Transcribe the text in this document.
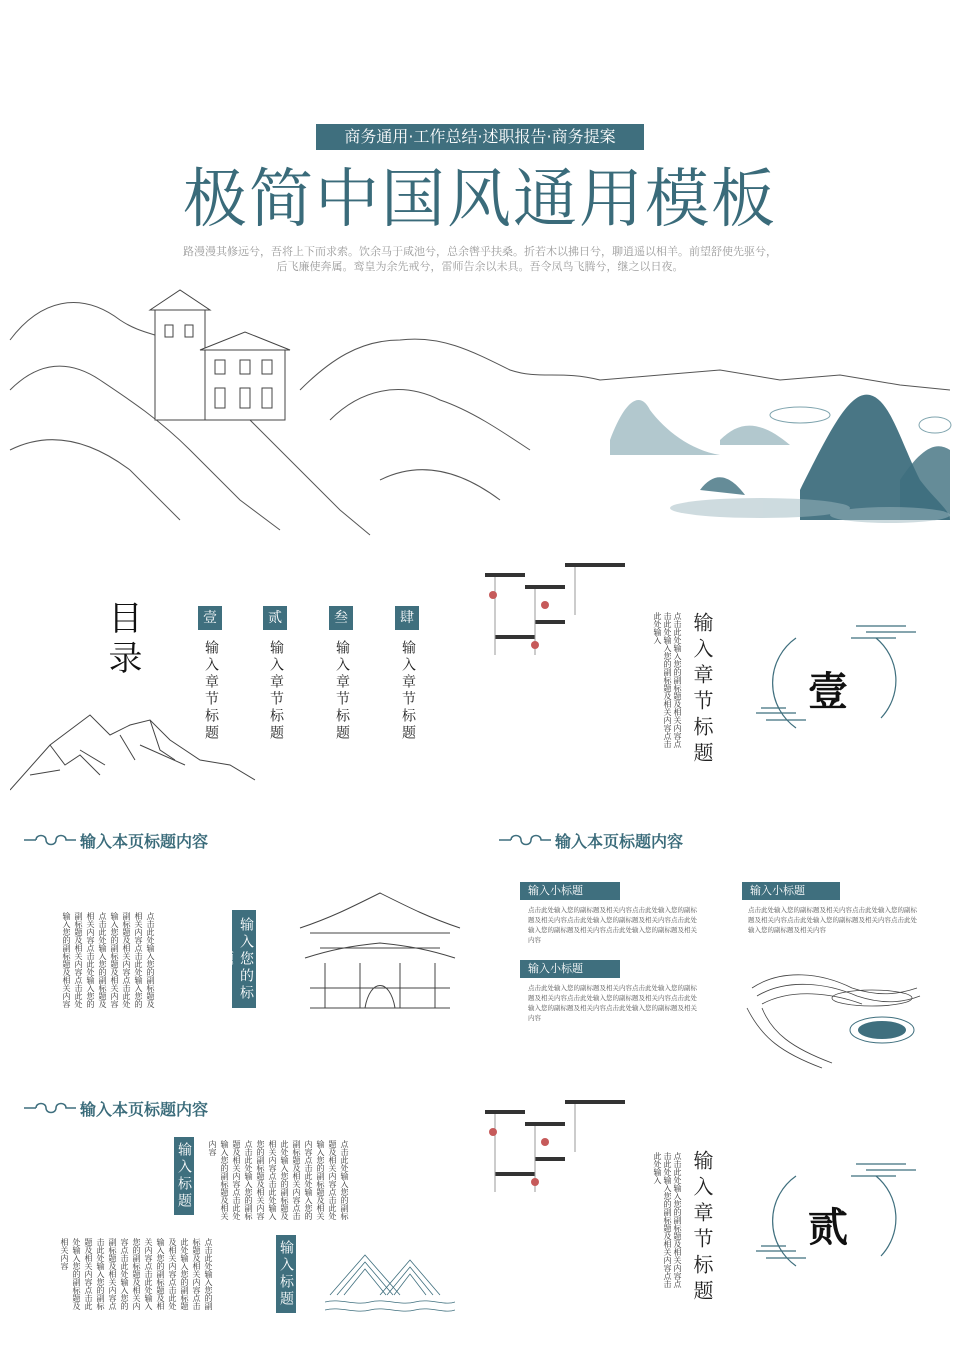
商务通用·工作总结·述职报告·商务提案
极简中国风通用模板
路漫漫其修远兮，吾将上下而求索。饮余马于咸池兮，总余辔乎扶桑。折若木以拂日兮，聊逍遥以相羊。前望舒使先驱兮，
后飞廉使奔属。鸾皇为余先戒兮，雷师告余以未具。吾令凤鸟飞腾兮，继之以日夜。
目录	壹
输入章节标题
贰
输入章节标题
叁
输入章节标题
肆
输入章节标题	点击此处输入您的副标题及相关内容点击此处输入您的副标题及相关内容点击此处输入	输入章节标题 壹
输入本页标题内容
点击此处输入您的副标题及相关内容点击此处输入您的副标题及相关内容点击此处输入您的副标题及相关内容点击此处输入您的副标题及相关内容点击此处输入您的副标题及相关内容点击此处输入您的副标题及相关内容	输入您的标题
输入本页标题内容
输入小标题
点击此处输入您的副标题及相关内容点击此处输入您的副标题及相关内容点击此处输入您的副标题及相关内容点击此处输入您的副标题及相关内容点击此处输入您的副标题及相关内容
输入小标题
点击此处输入您的副标题及相关内容点击此处输入您的副标题及相关内容点击此处输入您的副标题及相关内容点击此处输入您的副标题及相关内容点击此处输入您的副标题及相关内容
输入小标题
点击此处输入您的副标题及相关内容点击此处输入您的副标题及相关内容点击此处输入您的副标题及相关内容点击此处输入您的副标题及相关内容
输入本页标题内容
输入标题	点击此处输入您的副标题及相关内容点击此处输入您的副标题及相关内容点击此处输入您的副标题及相关内容点击此处输入您的副标题及相关内容点击此处输入您的副标题及相关内容点击此处输入您的副标题及相关内容点击此处输入您的副标题及相关内容
输入标题
点击此处输入您的副标题及相关内容点击此处输入您的副标题及相关内容点击此处输入您的副标题及相关内容点击此处输入您的副标题及相关内容点击此处输入您的副标题及相关内容点击此处输入您的副标题及相关内容点击此处输入您的副标题及相关内容	点击此处输入您的副标题及相关内容点击此处输入您的副标题及相关内容点击此处输入	输入章节标题 贰
